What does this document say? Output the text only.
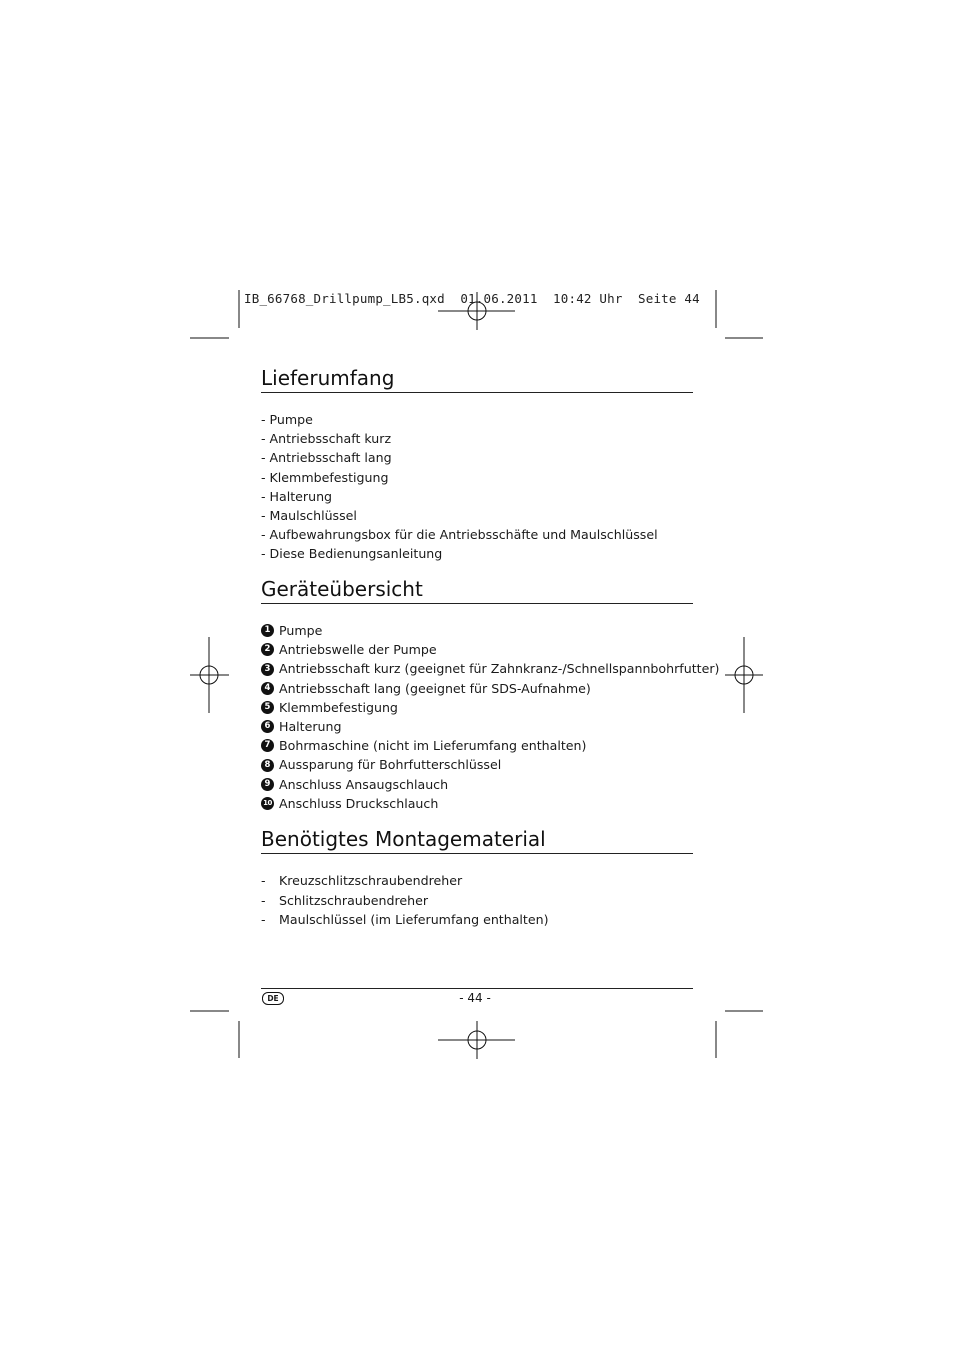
IB_66768_Drillpump_LB5.qxd  01.06.2011  10:42 Uhr  Seite 44
Lieferumfang
- Pumpe
- Antriebsschaft kurz
- Antriebsschaft lang
- Klemmbefestigung
- Halterung
- Maulschlüssel
- Aufbewahrungsbox für die Antriebsschäfte und Maulschlüssel
- Diese Bedienungsanleitung
Geräteübersicht
1 Pumpe
2 Antriebswelle der Pumpe
3 Antriebsschaft kurz (geeignet für Zahnkranz-/Schnellspannbohrfutter)
4 Antriebsschaft lang (geeignet für SDS-Aufnahme)
5 Klemmbefestigung
6 Halterung
7 Bohrmaschine (nicht im Lieferumfang enthalten)
8 Aussparung für Bohrfutterschlüssel
9 Anschluss Ansaugschlauch
10 Anschluss Druckschlauch
Benötigtes Montagematerial
- Kreuzschlitzschraubendreher
- Schlitzschraubendreher
- Maulschlüssel (im Lieferumfang enthalten)
DE	- 44 -
